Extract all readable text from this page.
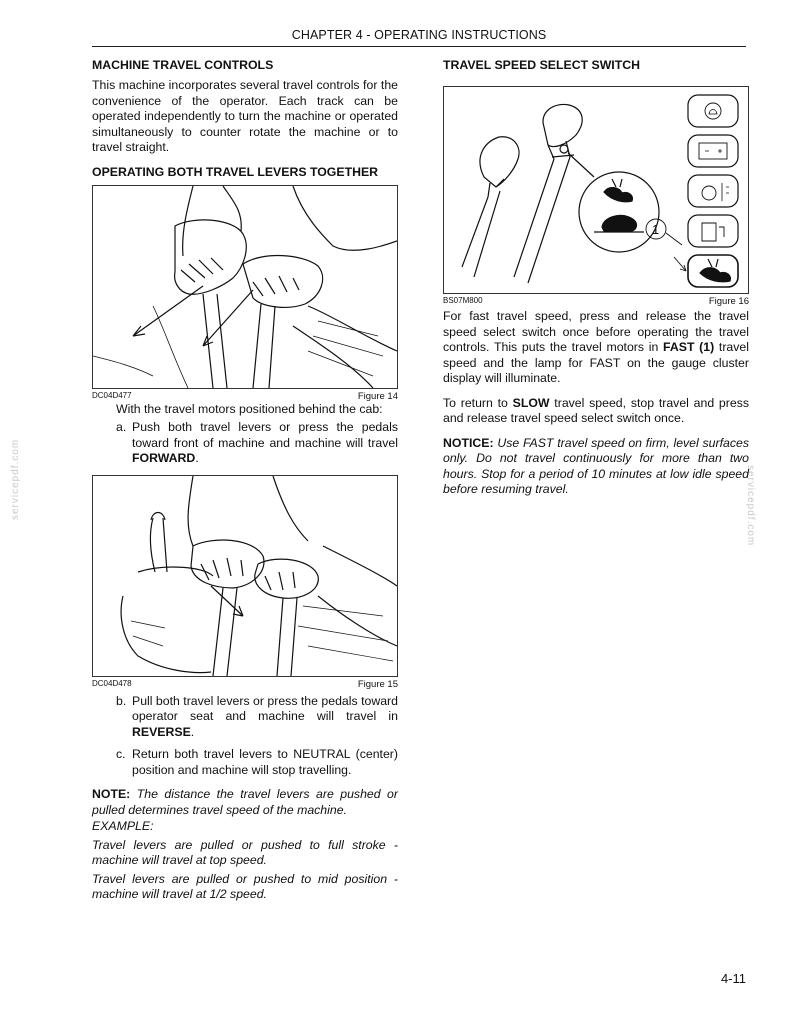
CHAPTER 4 - OPERATING INSTRUCTIONS
servicepdf.com	servicepdf.com
MACHINE TRAVEL CONTROLS

This machine incorporates several travel controls for the convenience of the operator. Each track can be operated independently to turn the machine or operated simultaneously to counter rotate the machine or to travel straight.

OPERATING BOTH TRAVEL LEVERS TOGETHER
DC04D477	Figure 14

With the travel motors positioned behind the cab:

a. Push both travel levers or press the pedals toward front of machine and machine will travel FORWARD.
DC04D478	Figure 15
b. Pull both travel levers or press the pedals toward operator seat and machine will travel in REVERSE.
c. Return both travel levers to NEUTRAL (center) position and machine will stop travelling.

NOTE: The distance the travel levers are pushed or pulled determines travel speed of the machine.

EXAMPLE:

Travel levers are pulled or pushed to full stroke - machine will travel at top speed.

Travel levers are pulled or pushed to mid position - machine will travel at 1/2 speed.

TRAVEL SPEED SELECT SWITCH
1
BS07M800	Figure 16

For fast travel speed, press and release the travel speed select switch once before operating the travel controls. This puts the travel motors in FAST (1) travel speed and the lamp for FAST on the gauge cluster display will illuminate.

To return to SLOW travel speed, stop travel and press and release travel speed select switch once.

NOTICE: Use FAST travel speed on firm, level surfaces only. Do not travel continuously for more than two hours. Stop for a period of 10 minutes at low idle speed before resuming travel.

4-11
